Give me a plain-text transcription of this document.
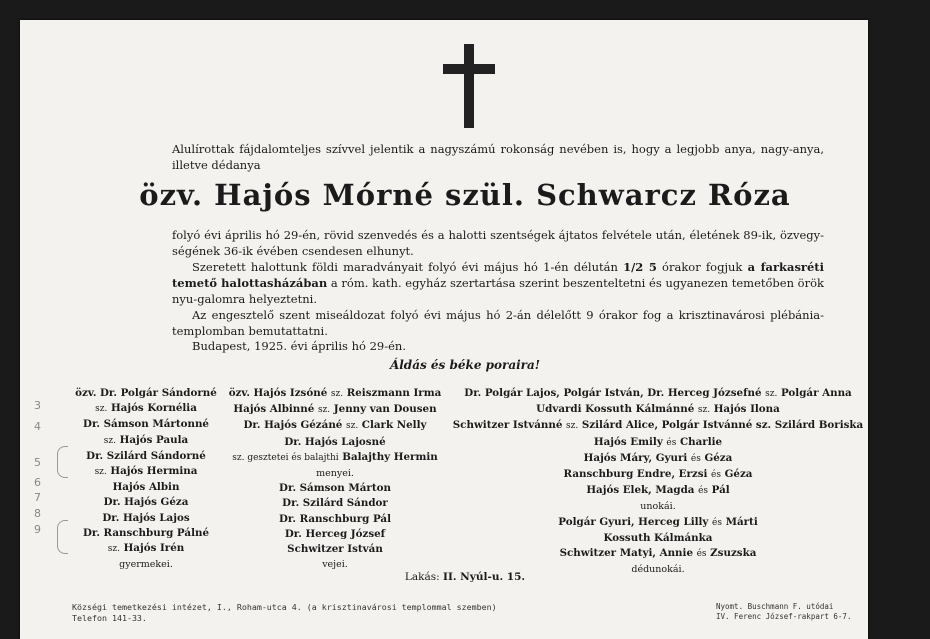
Alulírottak fájdalomteljes szívvel jelentik a nagyszámú rokonság nevében is, hogy a legjobb anya, nagy-anya, illetve dédanya
özv. Hajós Mórné szül. Schwarcz Róza
folyó évi április hó 29-én, rövid szenvedés és a halotti szentségek ájtatos felvétele után, életének 89-ik, özvegy-ségének 36-ik évében csendesen elhunyt.
Szeretett halottunk földi maradványait folyó évi május hó 1-én délután 1/2 5 órakor fogjuk a farkasréti temető halottasházában a róm. kath. egyház szertartása szerint beszenteltetni és ugyanezen temetőben örök nyu-galomra helyeztetni.
Az engesztelő szent miseáldozat folyó évi május hó 2-án délelőtt 9 órakor fog a krisztinavárosi plébánia-templomban bemutattatni.
Budapest, 1925. évi április hó 29-én.
Áldás és béke poraira!
özv. Dr. Polgár Sándorné
sz. Hajós Kornélia
Dr. Sámson Mártonné
sz. Hajós Paula
Dr. Szilárd Sándorné
sz. Hajós Hermina
Hajós Albin
Dr. Hajós Géza
Dr. Hajós Lajos
Dr. Ranschburg Pálné
sz. Hajós Irén
gyermekei.
özv. Hajós Izsóné sz. Reiszmann Irma
Hajós Albinné sz. Jenny van Dousen
Dr. Hajós Gézáné sz. Clark Nelly
Dr. Hajós Lajosné
sz. gesztetei és balajthi Balajthy Hermin
menyei.
Dr. Sámson Márton
Dr. Szilárd Sándor
Dr. Ranschburg Pál
Dr. Herceg József
Schwitzer István
vejei.
Dr. Polgár Lajos, Polgár István, Dr. Herceg Józsefné sz. Polgár Anna
Udvardi Kossuth Kálmánné sz. Hajós Ilona
Schwitzer Istvánné sz. Szilárd Alice, Polgár Istvánné sz. Szilárd Boriska
Hajós Emily és Charlie
Hajós Máry, Gyuri és Géza
Ranschburg Endre, Erzsi és Géza
Hajós Elek, Magda és Pál
unokái.
Polgár Gyuri, Herceg Lilly és Márti
Kossuth Kálmánka
Schwitzer Matyi, Annie és Zsuzska
dédunokái.
Lakás: II. Nyúl-u. 15.
Községi temetkezési intézet, I., Roham-utca 4. (a krisztinavárosi templommal szemben)
Telefon 141-33.
Nyomt. Buschmann F. utódai
IV. Ferenc József-rakpart 6-7.
3
4
5
6
7
8
9
